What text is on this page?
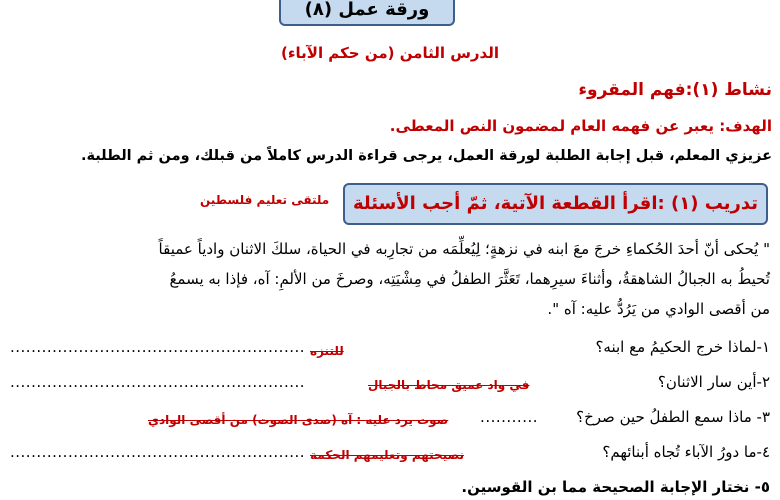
ورقة عمل (٨)
الدرس الثامن (من حكم الآباء)
نشاط (١):فهم المقروء
الهدف: يعبر عن فهمه العام لمضمون النص المعطى.
عزيزي المعلم، قبل إجابة الطلبة لورقة العمل، يرجى قراءة الدرس كاملاً من قبلك، ومن ثم الطلبة.
تدريب (١) :اقرأ القطعة الآتية، ثمّ أجب الأسئلة
ملتقى تعليم فلسطين
" يُحكى أنّ أحدَ الحُكماءِ خرجَ معَ ابنه في نزهةٍ؛ لِيُعلِّمَه من تجارِبه في الحياة، سلكَ الاثنان وادياً عميقاً
تُحيطُ به الجبالُ الشاهقةُ، وأثناءَ سيرِهما، تَعَثَّرَ الطفلُ في مِشْيَتِه، وصرخَ من الألمِ: آه، فإذا به يسمعُ
من أقصى الوادي من يَرُدُّ عليه: آه ".
١-لماذا خرج الحكيمُ مع ابنه؟
........................................................ للتنزه
٢-أين سار الاثنان؟
........................................................	في واد عميق محاط بالجبال
٣- ماذا سمع الطفلُ حين صرخ؟
...........
صوت يرد عليه : آه (صدى الصوت) من أقصى الوادي
٤-ما دورُ الآباء تُجاه أبنائهم؟
........................................................ نصيحتهم وتعليمهم الحكمة
٥- نختار الإجابة الصحيحة مما بن القوسين.
